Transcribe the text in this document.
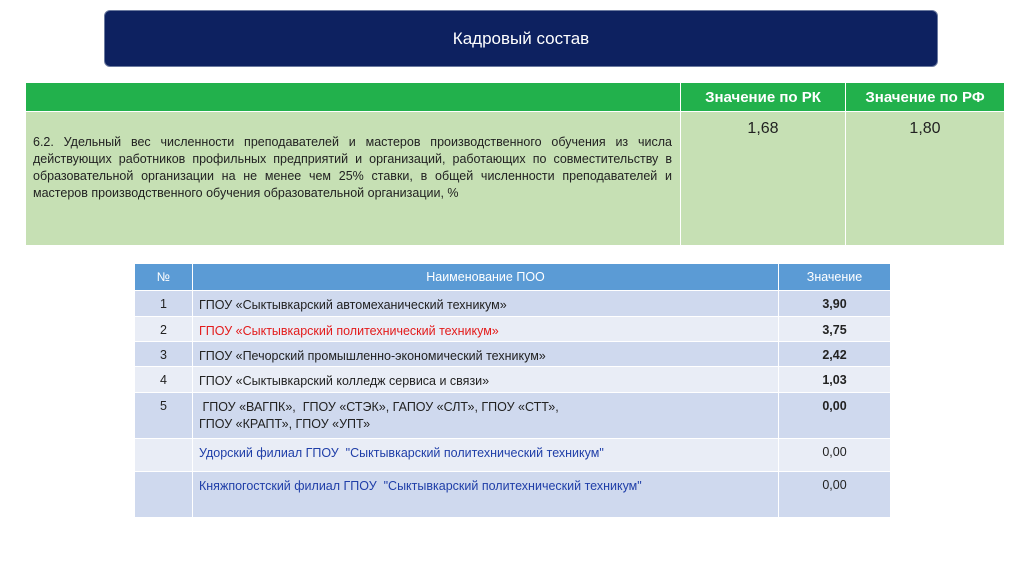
Кадровый состав
	Значение по РК	Значение по РФ
6.2. Удельный вес численности преподавателей и мастеров производственного обучения из числа действующих работников профильных предприятий и организаций, работающих по совместительству в образовательной организации на не менее чем 25% ставки, в общей численности преподавателей и мастеров производственного обучения образовательной организации, %	1,68	1,80
№	Наименование ПОО	Значение
1	ГПОУ «Сыктывкарский автомеханический техникум»	3,90
2	ГПОУ «Сыктывкарский политехнический техникум»	3,75
3	ГПОУ «Печорский промышленно-экономический техникум»	2,42
4	ГПОУ «Сыктывкарский колледж сервиса и связи»	1,03
5	ГПОУ «ВАГПК»,  ГПОУ «СТЭК», ГАПОУ «СЛТ», ГПОУ «СТТ»,
ГПОУ «КРАПТ», ГПОУ «УПТ»	0,00
	Удорский филиал ГПОУ  "Сыктывкарский политехнический техникум"	0,00
	Княжпогостский филиал ГПОУ  "Сыктывкарский политехнический техникум"	0,00
